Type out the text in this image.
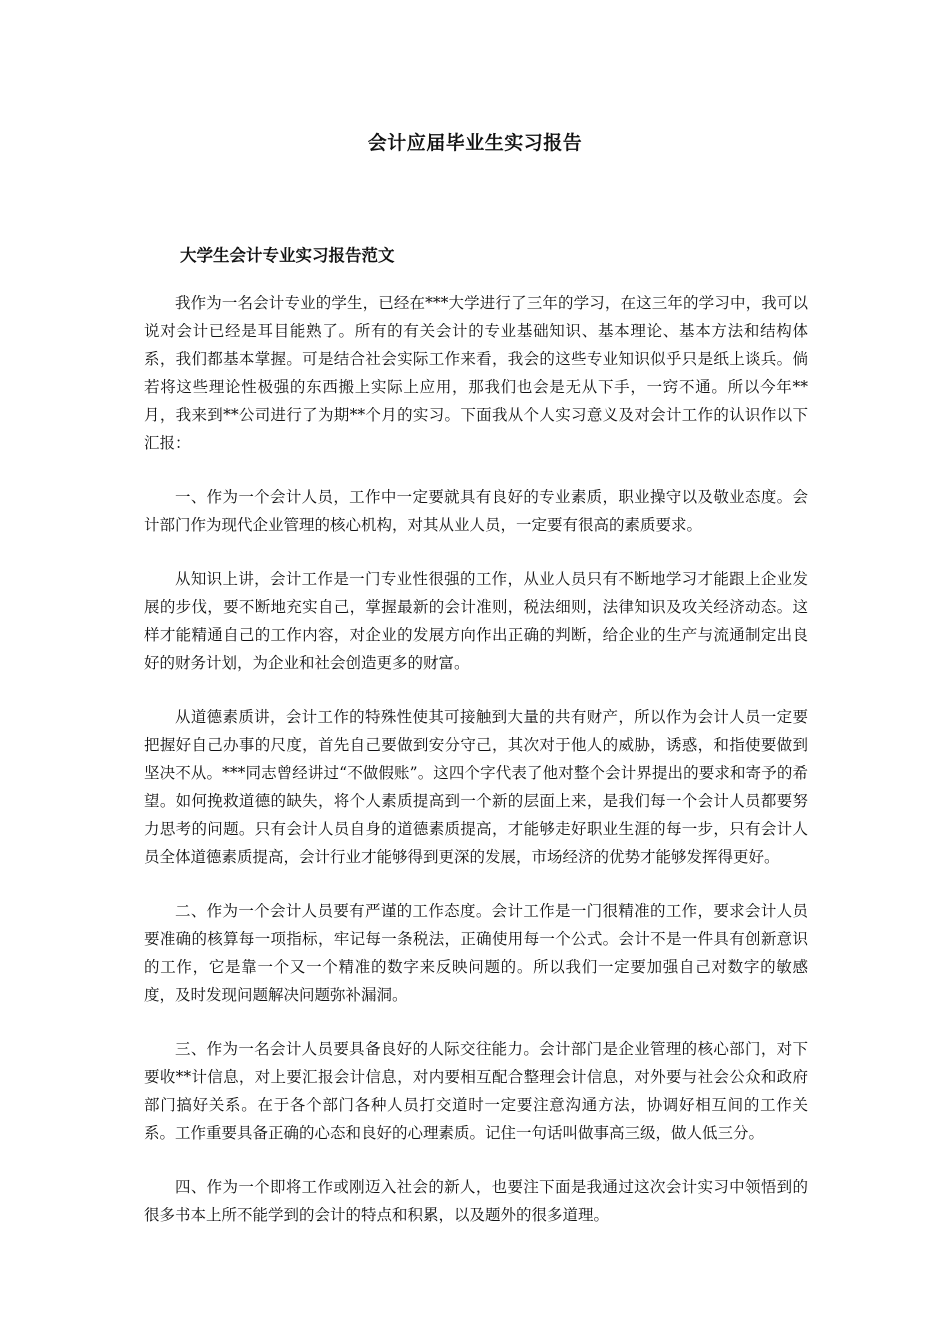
会计应届毕业生实习报告
大学生会计专业实习报告范文

我作为一名会计专业的学生，已经在***大学进行了三年的学习，在这三年的学习中，我可以说对会计已经是耳目能熟了。所有的有关会计的专业基础知识、基本理论、基本方法和结构体系，我们都基本掌握。可是结合社会实际工作来看，我会的这些专业知识似乎只是纸上谈兵。倘若将这些理论性极强的东西搬上实际上应用，那我们也会是无从下手，一窍不通。所以今年**月，我来到**公司进行了为期**个月的实习。下面我从个人实习意义及对会计工作的认识作以下汇报：

一、作为一个会计人员，工作中一定要就具有良好的专业素质，职业操守以及敬业态度。会计部门作为现代企业管理的核心机构，对其从业人员，一定要有很高的素质要求。

从知识上讲，会计工作是一门专业性很强的工作，从业人员只有不断地学习才能跟上企业发展的步伐，要不断地充实自己，掌握最新的会计准则，税法细则，法律知识及攻关经济动态。这样才能精通自己的工作内容，对企业的发展方向作出正确的判断，给企业的生产与流通制定出良好的财务计划，为企业和社会创造更多的财富。

从道德素质讲，会计工作的特殊性使其可接触到大量的共有财产，所以作为会计人员一定要把握好自己办事的尺度，首先自己要做到安分守己，其次对于他人的威胁，诱惑，和指使要做到坚决不从。***同志曾经讲过“不做假账”。这四个字代表了他对整个会计界提出的要求和寄予的希望。如何挽救道德的缺失，将个人素质提高到一个新的层面上来，是我们每一个会计人员都要努力思考的问题。只有会计人员自身的道德素质提高，才能够走好职业生涯的每一步，只有会计人员全体道德素质提高，会计行业才能够得到更深的发展，市场经济的优势才能够发挥得更好。

二、作为一个会计人员要有严谨的工作态度。会计工作是一门很精准的工作，要求会计人员要准确的核算每一项指标，牢记每一条税法，正确使用每一个公式。会计不是一件具有创新意识的工作，它是靠一个又一个精准的数字来反映问题的。所以我们一定要加强自己对数字的敏感度，及时发现问题解决问题弥补漏洞。

三、作为一名会计人员要具备良好的人际交往能力。会计部门是企业管理的核心部门，对下要收**计信息，对上要汇报会计信息，对内要相互配合整理会计信息，对外要与社会公众和政府部门搞好关系。在于各个部门各种人员打交道时一定要注意沟通方法，协调好相互间的工作关系。工作重要具备正确的心态和良好的心理素质。记住一句话叫做事高三级，做人低三分。

四、作为一个即将工作或刚迈入社会的新人，也要注下面是我通过这次会计实习中领悟到的很多书本上所不能学到的会计的特点和积累，以及题外的很多道理。
